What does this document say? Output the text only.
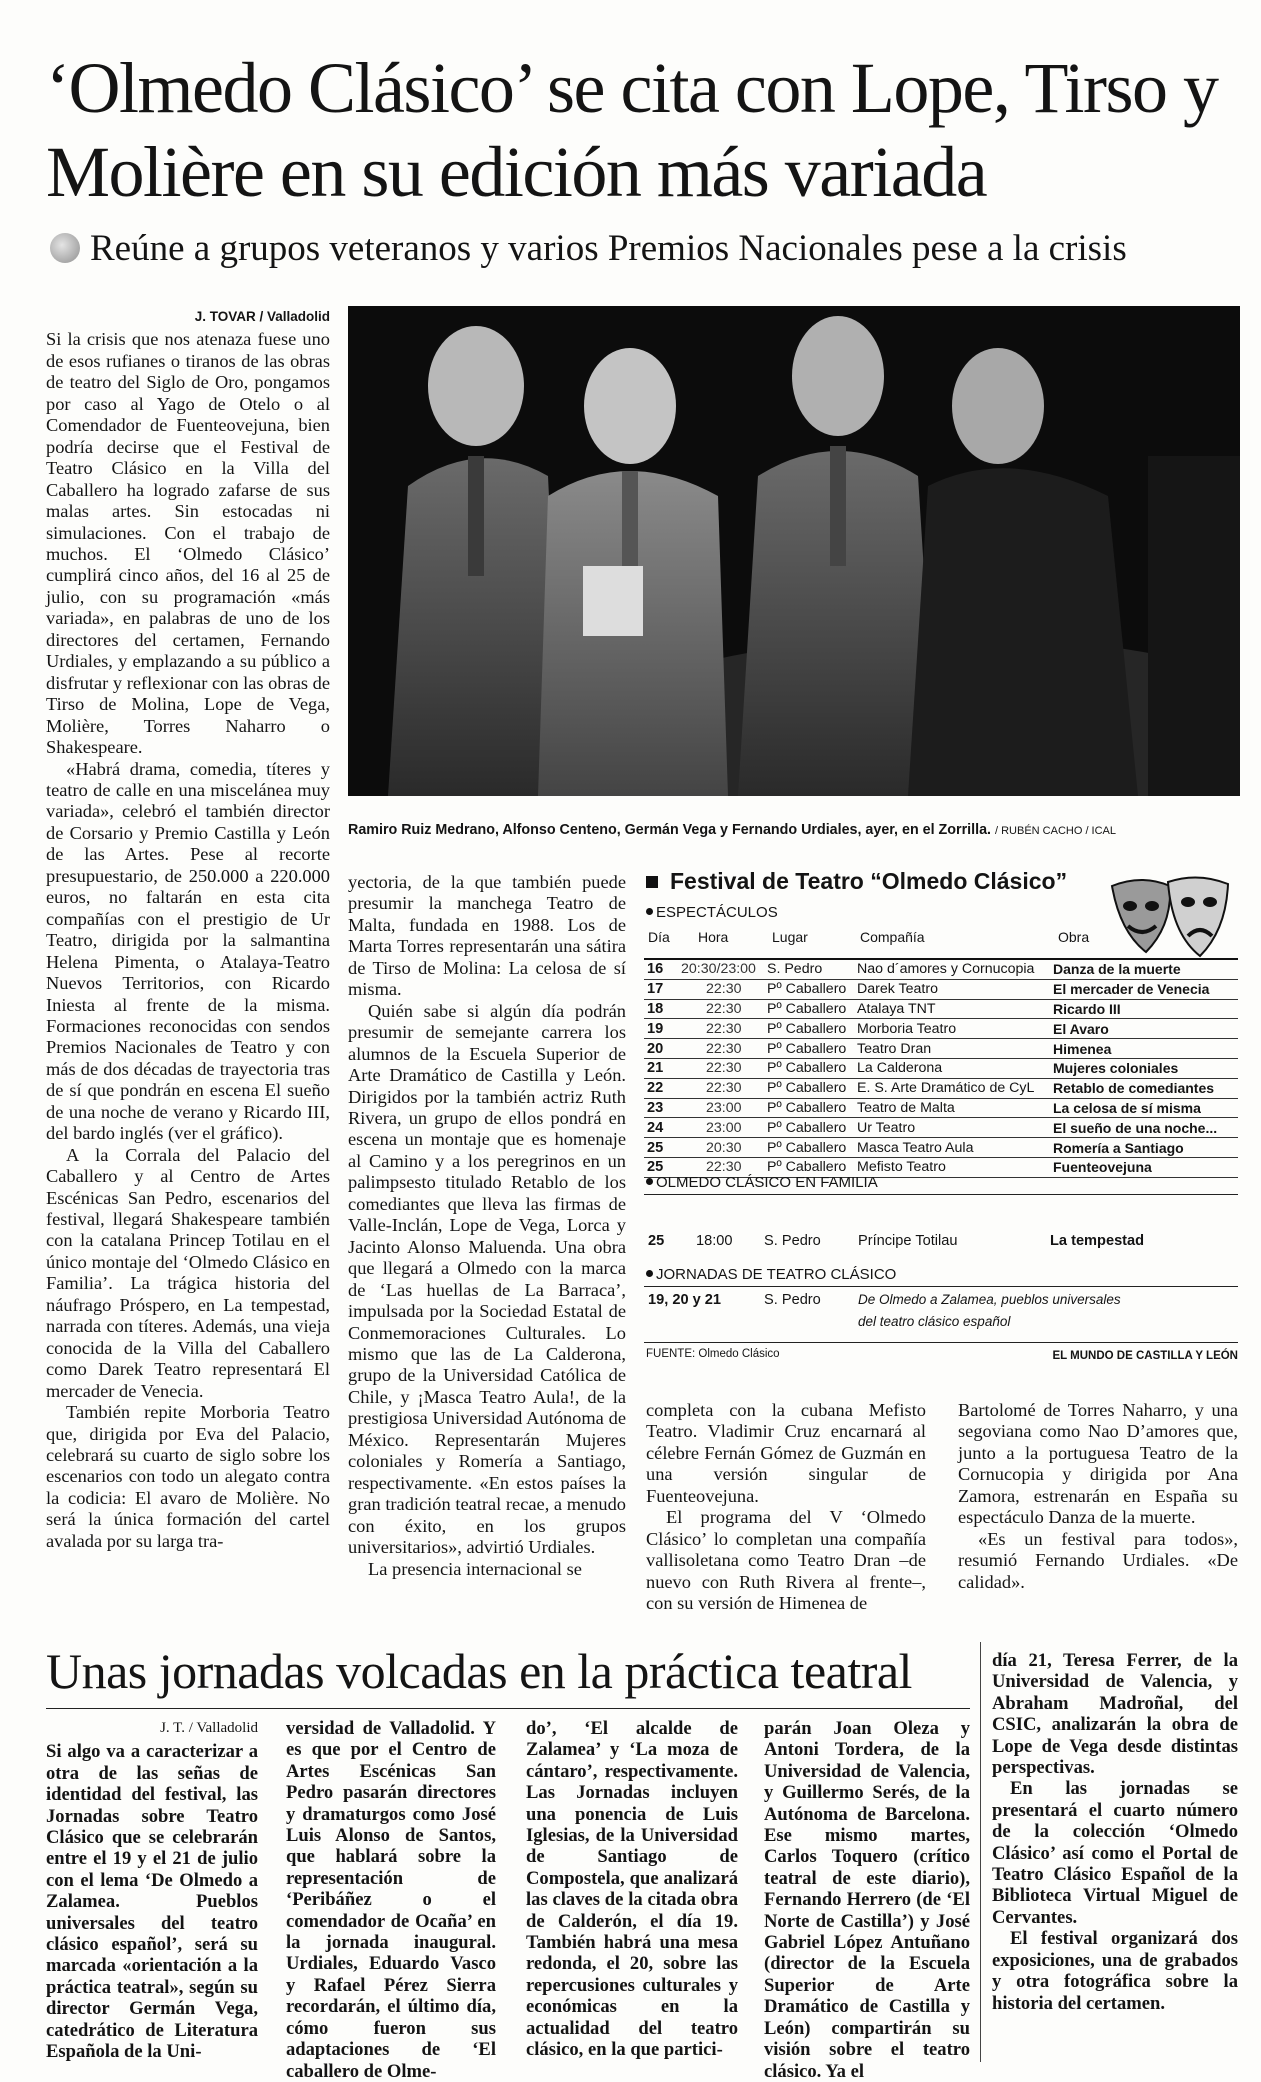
‘Olmedo Clásico’ se cita con Lope, Tirso y Molière en su edición más variada
Reúne a grupos veteranos y varios Premios Nacionales pese a la crisis
J. TOVAR / Valladolid

Si la crisis que nos atenaza fuese uno de esos rufianes o tiranos de las obras de teatro del Siglo de Oro, pongamos por caso al Yago de Otelo o al Comendador de Fuenteovejuna, bien podría decirse que el Festival de Teatro Clásico en la Villa del Caballero ha logrado zafarse de sus malas artes. Sin estocadas ni simulaciones. Con el trabajo de muchos. El ‘Olmedo Clásico’ cumplirá cinco años, del 16 al 25 de julio, con su programación «más variada», en palabras de uno de los directores del certamen, Fernando Urdiales, y emplazando a su público a disfrutar y reflexionar con las obras de Tirso de Molina, Lope de Vega, Molière, Torres Naharro o Shakespeare.

«Habrá drama, comedia, títeres y teatro de calle en una miscelánea muy variada», celebró el también director de Corsario y Premio Castilla y León de las Artes. Pese al recorte presupuestario, de 250.000 a 220.000 euros, no faltarán en esta cita compañías con el prestigio de Ur Teatro, dirigida por la salmantina Helena Pimenta, o Atalaya-Teatro Nuevos Territorios, con Ricardo Iniesta al frente de la misma. Formaciones reconocidas con sendos Premios Nacionales de Teatro y con más de dos décadas de trayectoria tras de sí que pondrán en escena El sueño de una noche de verano y Ricardo III, del bardo inglés (ver el gráfico).

A la Corrala del Palacio del Caballero y al Centro de Artes Escénicas San Pedro, escenarios del festival, llegará Shakespeare también con la catalana Princep Totilau en el único montaje del ‘Olmedo Clásico en Familia’. La trágica historia del náufrago Próspero, en La tempestad, narrada con títeres. Además, una vieja conocida de la Villa del Caballero como Darek Teatro representará El mercader de Venecia.

También repite Morboria Teatro que, dirigida por Eva del Palacio, celebrará su cuarto de siglo sobre los escenarios con todo un alegato contra la codicia: El avaro de Molière. No será la única formación del cartel avalada por su larga tra-

Ramiro Ruiz Medrano, Alfonso Centeno, Germán Vega y Fernando Urdiales, ayer, en el Zorrilla. / RUBÉN CACHO / ICAL

yectoria, de la que también puede presumir la manchega Teatro de Malta, fundada en 1988. Los de Marta Torres representarán una sátira de Tirso de Molina: La celosa de sí misma.

Quién sabe si algún día podrán presumir de semejante carrera los alumnos de la Escuela Superior de Arte Dramático de Castilla y León. Dirigidos por la también actriz Ruth Rivera, un grupo de ellos pondrá en escena un montaje que es homenaje al Camino y a los peregrinos en un palimpsesto titulado Retablo de los comediantes que lleva las firmas de Valle-Inclán, Lope de Vega, Lorca y Jacinto Alonso Maluenda. Una obra que llegará a Olmedo con la marca de ‘Las huellas de La Barraca’, impulsada por la Sociedad Estatal de Conmemoraciones Culturales. Lo mismo que las de La Calderona, grupo de la Universidad Católica de Chile, y ¡Masca Teatro Aula!, de la prestigiosa Universidad Autónoma de México. Representarán Mujeres coloniales y Romería a Santiago, respectivamente. «En estos países la gran tradición teatral recae, a menudo con éxito, en los grupos universitarios», advirtió Urdiales.

La presencia internacional se

Festival de Teatro “Olmedo Clásico”
ESPECTÁCULOS
Día Hora	Lugar	Compañía	Obra
16	20:30/23:00	S. Pedro	Nao d´amores y Cornucopia	Danza de la muerte
17	22:30	Pº Caballero	Darek Teatro	El mercader de Venecia
18	22:30	Pº Caballero	Atalaya TNT	Ricardo III
19	22:30	Pº Caballero	Morboria Teatro	El Avaro
20	22:30	Pº Caballero	Teatro Dran	Himenea
21	22:30	Pº Caballero	La Calderona	Mujeres coloniales
22	22:30	Pº Caballero	E. S. Arte Dramático de CyL	Retablo de comediantes
23	23:00	Pº Caballero	Teatro de Malta	La celosa de sí misma
24	23:00	Pº Caballero	Ur Teatro	El sueño de una noche...
25	20:30	Pº Caballero	Masca Teatro Aula	Romería a Santiago
25	22:30	Pº Caballero	Mefisto Teatro	Fuenteovejuna
OLMEDO CLÁSICO EN FAMILIA
25 18:00 S. Pedro	Príncipe Totilau	La tempestad
JORNADAS DE TEATRO CLÁSICO
19, 20 y 21	S. Pedro	De Olmedo a Zalamea, pueblos universales
del teatro clásico español
FUENTE: Olmedo Clásico	EL MUNDO DE CASTILLA Y LEÓN

completa con la cubana Mefisto Teatro. Vladimir Cruz encarnará al célebre Fernán Gómez de Guzmán en una versión singular de Fuenteovejuna.

El programa del V ‘Olmedo Clásico’ lo completan una compañía vallisoletana como Teatro Dran –de nuevo con Ruth Rivera al frente–, con su versión de Himenea de

Bartolomé de Torres Naharro, y una segoviana como Nao D’amores que, junto a la portuguesa Teatro de la Cornucopia y dirigida por Ana Zamora, estrenarán en España su espectáculo Danza de la muerte.

«Es un festival para todos», resumió Fernando Urdiales. «De calidad».

Unas jornadas volcadas en la práctica teatral
J. T. / Valladolid

Si algo va a caracterizar a otra de las señas de identidad del festival, las Jornadas sobre Teatro Clásico que se celebrarán entre el 19 y el 21 de julio con el lema ‘De Olmedo a Zalamea. Pueblos universales del teatro clásico español’, será su marcada «orientación a la práctica teatral», según su director Germán Vega, catedrático de Literatura Española de la Uni-

versidad de Valladolid. Y es que por el Centro de Artes Escénicas San Pedro pasarán directores y dramaturgos como José Luis Alonso de Santos, que hablará sobre la representación de ‘Peribáñez o el comendador de Ocaña’ en la jornada inaugural. Urdiales, Eduardo Vasco y Rafael Pérez Sierra recordarán, el último día, cómo fueron sus adaptaciones de ‘El caballero de Olme-

do’, ‘El alcalde de Zalamea’ y ‘La moza de cántaro’, respectivamente. Las Jornadas incluyen una ponencia de Luis Iglesias, de la Universidad de Santiago de Compostela, que analizará las claves de la citada obra de Calderón, el día 19. También habrá una mesa redonda, el 20, sobre las repercusiones culturales y económicas en la actualidad del teatro clásico, en la que partici-

parán Joan Oleza y Antoni Tordera, de la Universidad de Valencia, y Guillermo Serés, de la Autónoma de Barcelona. Ese mismo martes, Carlos Toquero (crítico teatral de este diario), Fernando Herrero (de ‘El Norte de Castilla’) y José Gabriel López Antuñano (director de la Escuela Superior de Arte Dramático de Castilla y León) compartirán su visión sobre el teatro clásico. Ya el

día 21, Teresa Ferrer, de la Universidad de Valencia, y Abraham Madroñal, del CSIC, analizarán la obra de Lope de Vega desde distintas perspectivas.

En las jornadas se presentará el cuarto número de la colección ‘Olmedo Clásico’ así como el Portal de Teatro Clásico Español de la Biblioteca Virtual Miguel de Cervantes.

El festival organizará dos exposiciones, una de grabados y otra fotográfica sobre la historia del certamen.
